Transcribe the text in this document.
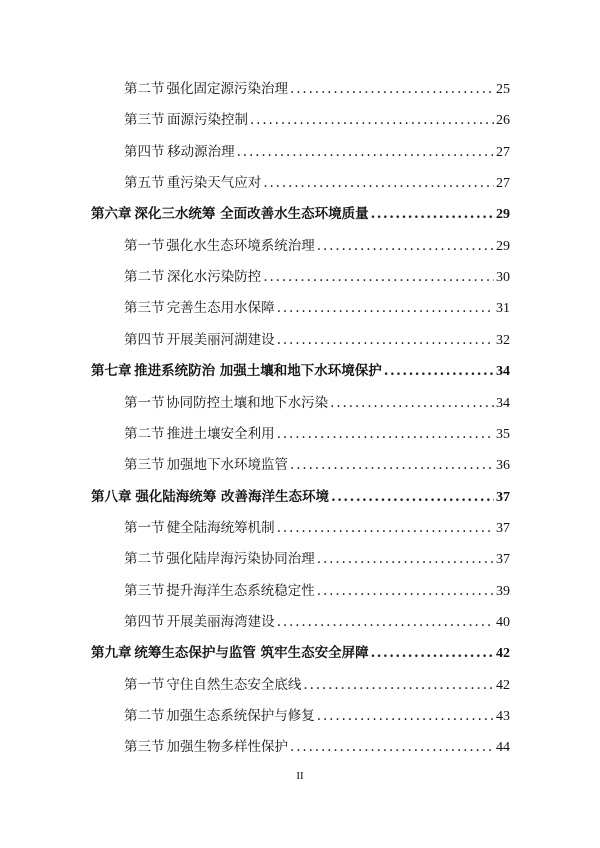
第二节 强化固定源污染治理 . . .	25
第三节 面源污染控制 . . .	26
第四节 移动源治理 . . .	27
第五节 重污染天气应对 . . .	27
第六章 深化三水统筹 全面改善水生态环境质量 . . .	29
第一节 强化水生态环境系统治理 . . .	29
第二节 深化水污染防控 . . .	30
第三节 完善生态用水保障 . . .	31
第四节 开展美丽河湖建设 . . .	32
第七章 推进系统防治 加强土壤和地下水环境保护 . . .	34
第一节 协同防控土壤和地下水污染 . . .	34
第二节 推进土壤安全利用 . . .	35
第三节 加强地下水环境监管 . . .	36
第八章 强化陆海统筹 改善海洋生态环境 . . .	37
第一节 健全陆海统筹机制 . . .	37
第二节 强化陆岸海污染协同治理 . . .	37
第三节 提升海洋生态系统稳定性 . . .	39
第四节 开展美丽海湾建设 . . .	40
第九章 统筹生态保护与监管 筑牢生态安全屏障 . . .	42
第一节 守住自然生态安全底线 . . .	42
第二节 加强生态系统保护与修复 . . .	43
第三节 加强生物多样性保护 . . .	44
II
